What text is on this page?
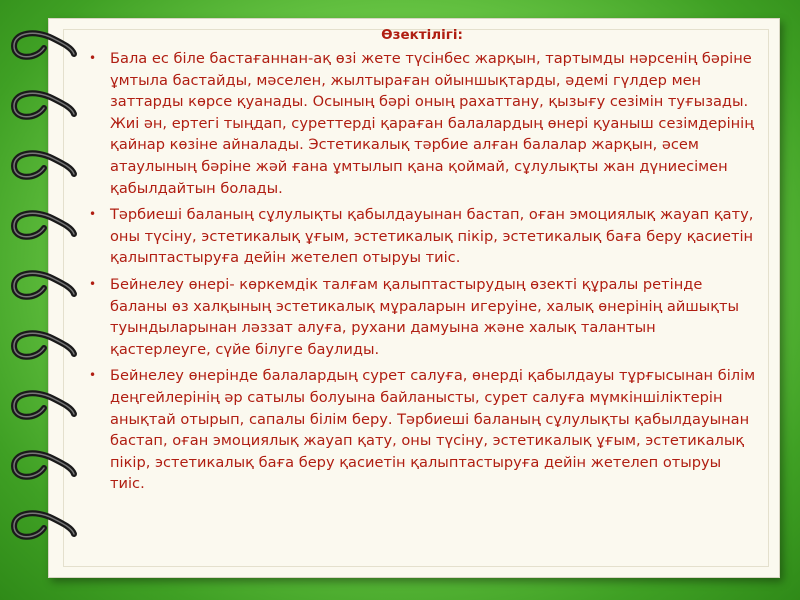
Өзектілігі:
• Бала ес біле бастағаннан-ақ өзі жете түсінбес жарқын, тартымды нәрсенің бәріне ұмтыла бастайды, мәселен, жылтыраған ойыншықтарды, әдемі гүлдер мен заттарды көрсе қуанады. Осының бәрі оның рахаттану, қызығу сезімін туғызады. Жиі ән, ертегі тыңдап, суреттерді қараған балалардың өнері қуаныш сезімдерінің қайнар көзіне айналады. Эстетикалық тәрбие алған балалар жарқын, әсем атаулының бәріне жәй ғана ұмтылып қана қоймай, сұлулықты жан дүниесімен қабылдайтын болады.
• Тәрбиеші баланың сұлулықты қабылдауынан бастап, оған эмоциялық жауап қату, оны түсіну, эстетикалық ұғым, эстетикалық пікір, эстетикалық баға беру қасиетін қалыптастыруға дейін жетелеп отыруы тиіс.
• Бейнелеу өнері- көркемдік талғам қалыптастырудың өзекті құралы ретінде баланы өз халқының эстетикалық мұраларын игеруіне, халық өнерінің айшықты туындыларынан ләззат алуға, рухани дамуына және халық талантын қастерлеуге, сүйе білуге баулиды.
• Бейнелеу өнерінде балалардың сурет салуға, өнерді қабылдауы тұрғысынан білім деңгейлерінің әр сатылы болуына байланысты, сурет салуға мүмкіншіліктерін анықтай отырып, сапалы білім беру. Тәрбиеші баланың сұлулықты қабылдауынан бастап, оған эмоциялық жауап қату, оны түсіну, эстетикалық ұғым, эстетикалық пікір, эстетикалық баға беру қасиетін қалыптастыруға дейін жетелеп отыруы тиіс.
